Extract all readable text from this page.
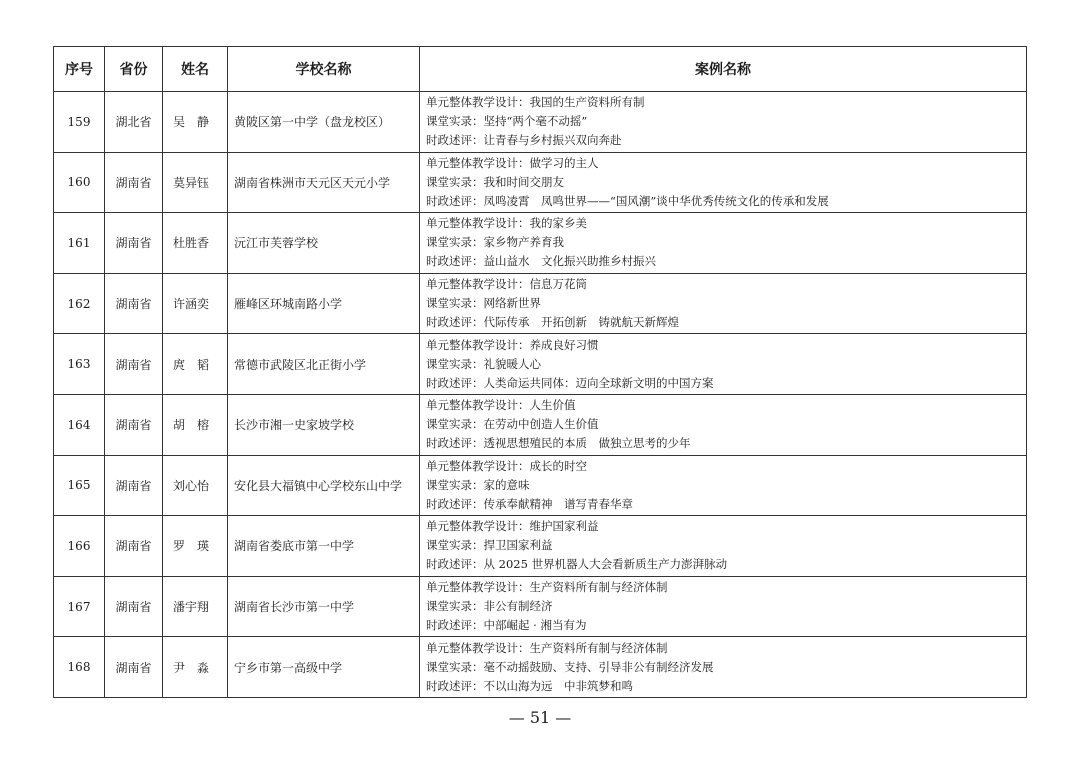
序号	省份	姓名	学校名称	案例名称
159	湖北省	吴　静	黄陂区第一中学（盘龙校区）	单元整体教学设计：我国的生产资料所有制
课堂实录：坚持“两个毫不动摇”
时政述评：让青春与乡村振兴双向奔赴

160	湖南省	莫异钰	湖南省株洲市天元区天元小学	单元整体教学设计：做学习的主人
课堂实录：我和时间交朋友
时政述评：凤鸣凌霄　凤鸣世界——“国风潮”谈中华优秀传统文化的传承和发展

161	湖南省	杜胜香	沅江市芙蓉学校	单元整体教学设计：我的家乡美
课堂实录：家乡物产养育我
时政述评：益山益水　文化振兴助推乡村振兴

162	湖南省	许涵奕	雁峰区环城南路小学	单元整体教学设计：信息万花筒
课堂实录：网络新世界
时政述评：代际传承　开拓创新　铸就航天新辉煌

163	湖南省	庹　韬	常德市武陵区北正街小学	单元整体教学设计：养成良好习惯
课堂实录：礼貌暖人心
时政述评：人类命运共同体：迈向全球新文明的中国方案

164	湖南省	胡　榕	长沙市湘一史家坡学校	单元整体教学设计：人生价值
课堂实录：在劳动中创造人生价值
时政述评：透视思想殖民的本质　做独立思考的少年

165	湖南省	刘心怡	安化县大福镇中心学校东山中学	单元整体教学设计：成长的时空
课堂实录：家的意味
时政述评：传承奉献精神　谱写青春华章

166	湖南省	罗　瑛	湖南省娄底市第一中学	单元整体教学设计：维护国家利益
课堂实录：捍卫国家利益
时政述评：从 2025 世界机器人大会看新质生产力澎湃脉动

167	湖南省	潘宇翔	湖南省长沙市第一中学	单元整体教学设计：生产资料所有制与经济体制
课堂实录：非公有制经济
时政述评：中部崛起 · 湘当有为

168	湖南省	尹　淼	宁乡市第一高级中学	单元整体教学设计：生产资料所有制与经济体制
课堂实录：毫不动摇鼓励、支持、引导非公有制经济发展
时政述评：不以山海为远　中非筑梦和鸣
— 51 —
